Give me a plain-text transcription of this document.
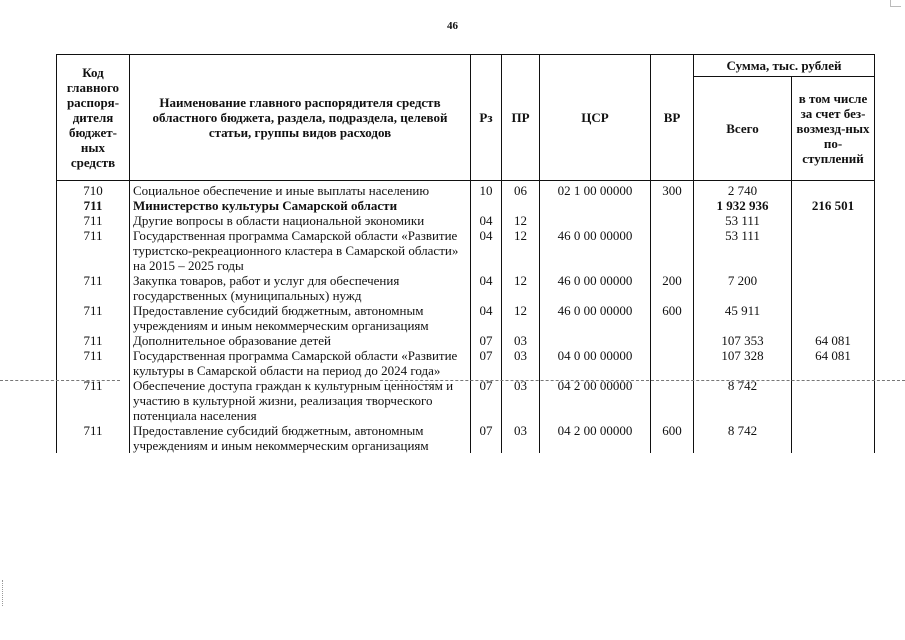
46
Код главного распоря-дителя бюджет-ных средств	Наименование главного распорядителя средств областного бюджета, раздела, подраздела, целевой статьи, группы видов расходов	Рз	ПР	ЦСР	ВР	Сумма, тыс. рублей	
						Всего	в том числе за счет без-возмезд-ных по-ступлений
710	Социальное обеспечение и иные выплаты населению	10	06	02 1 00 00000	300	2 740	
711	Министерство культуры Самарской области					1 932 936	216 501
711	Другие вопросы в области национальной экономики	04	12			53 111	
711	Государственная программа Самарской области «Развитие туристско-рекреационного кластера в Самарской области» на 2015 – 2025 годы	04	12	46 0 00 00000		53 111	
711	Закупка товаров, работ и услуг для обеспечения государственных (муниципальных) нужд	04	12	46 0 00 00000	200	7 200	
711	Предоставление субсидий бюджетным, автономным учреждениям и иным некоммерческим организациям	04	12	46 0 00 00000	600	45 911	
711	Дополнительное образование детей	07	03			107 353	64 081
711	Государственная программа Самарской области «Развитие культуры в Самарской области на период до 2024 года»	07	03	04 0 00 00000		107 328	64 081
711	Обеспечение доступа граждан к культурным ценностям и участию в культурной жизни, реализация творческого потенциала населения	07	03	04 2 00 00000		8 742	
711	Предоставление субсидий бюджетным, автономным учреждениям и иным некоммерческим организациям	07	03	04 2 00 00000	600	8 742	
